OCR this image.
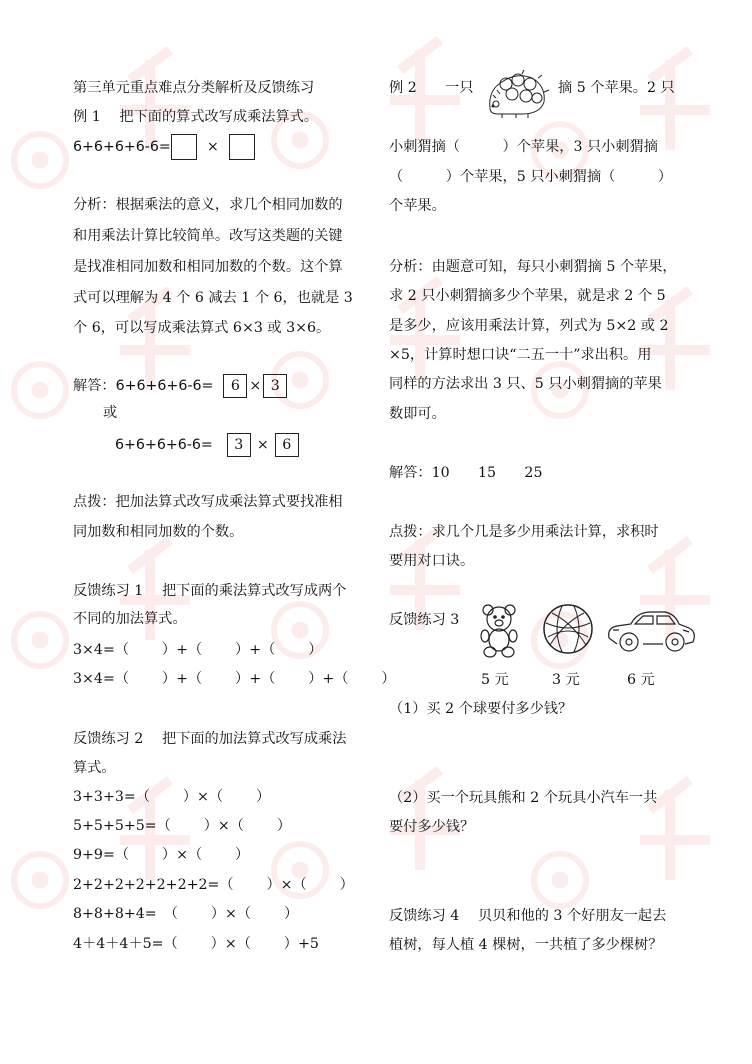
第三单元重点难点分类解析及反馈练习
例 1　 把下面的算式改写成乘法算式。
6+6+6+6-6=	×
分析：根据乘法的意义，求几个相同加数的
和用乘法计算比较简单。改写这类题的关键
是找准相同加数和相同加数的个数。这个算
式可以理解为 4 个 6 减去 1 个 6，也就是 3
个 6，可以写成乘法算式 6×3 或 3×6。
解答：6+6+6+6-6= 6 × 3
或
6+6+6+6-6= 3 × 6
点拨：把加法算式改写成乘法算式要找准相
同加数和相同加数的个数。
反馈练习 1　 把下面的乘法算式改写成两个
不同的加法算式。
3×4=（　　 ）+（　　 ）+（　　 ）
3×4=（　　 ）+（　　 ）+（　　 ）+（　　 ）
反馈练习 2　 把下面的加法算式改写成乘法
算式。
3+3+3=（　　 ）×（　　 ）
5+5+5+5=（　　 ）×（　　 ）
9+9=（　　 ）×（　　 ）
2+2+2+2+2+2+2=（　　 ）×（　　 ）
8+8+8+4=　（　　 ）×（　　 ）
4＋4＋4＋5=（　　 ）×（　　 ）+5
例 2　　一只	摘 5 个苹果。2 只
小刺猬摘（　　　）个苹果，3 只小刺猬摘
（　　　）个苹果，5 只小刺猬摘（　　　）
个苹果。
分析：由题意可知，每只小刺猬摘 5 个苹果，
求 2 只小刺猬摘多少个苹果，就是求 2 个 5
是多少，应该用乘法计算，列式为 5×2 或 2
×5，计算时想口诀“二五一十”求出积。用
同样的方法求出 3 只、5 只小刺猬摘的苹果
数即可。
解答：10　　15　　25
点拨：求几个几是多少用乘法计算，求积时
要用对口诀。
反馈练习 3
5 元	3 元	6 元
（1）买 2 个球要付多少钱？
（2）买一个玩具熊和 2 个玩具小汽车一共
要付多少钱？
反馈练习 4　 贝贝和他的 3 个好朋友一起去
植树，每人植 4 棵树，一共植了多少棵树？
